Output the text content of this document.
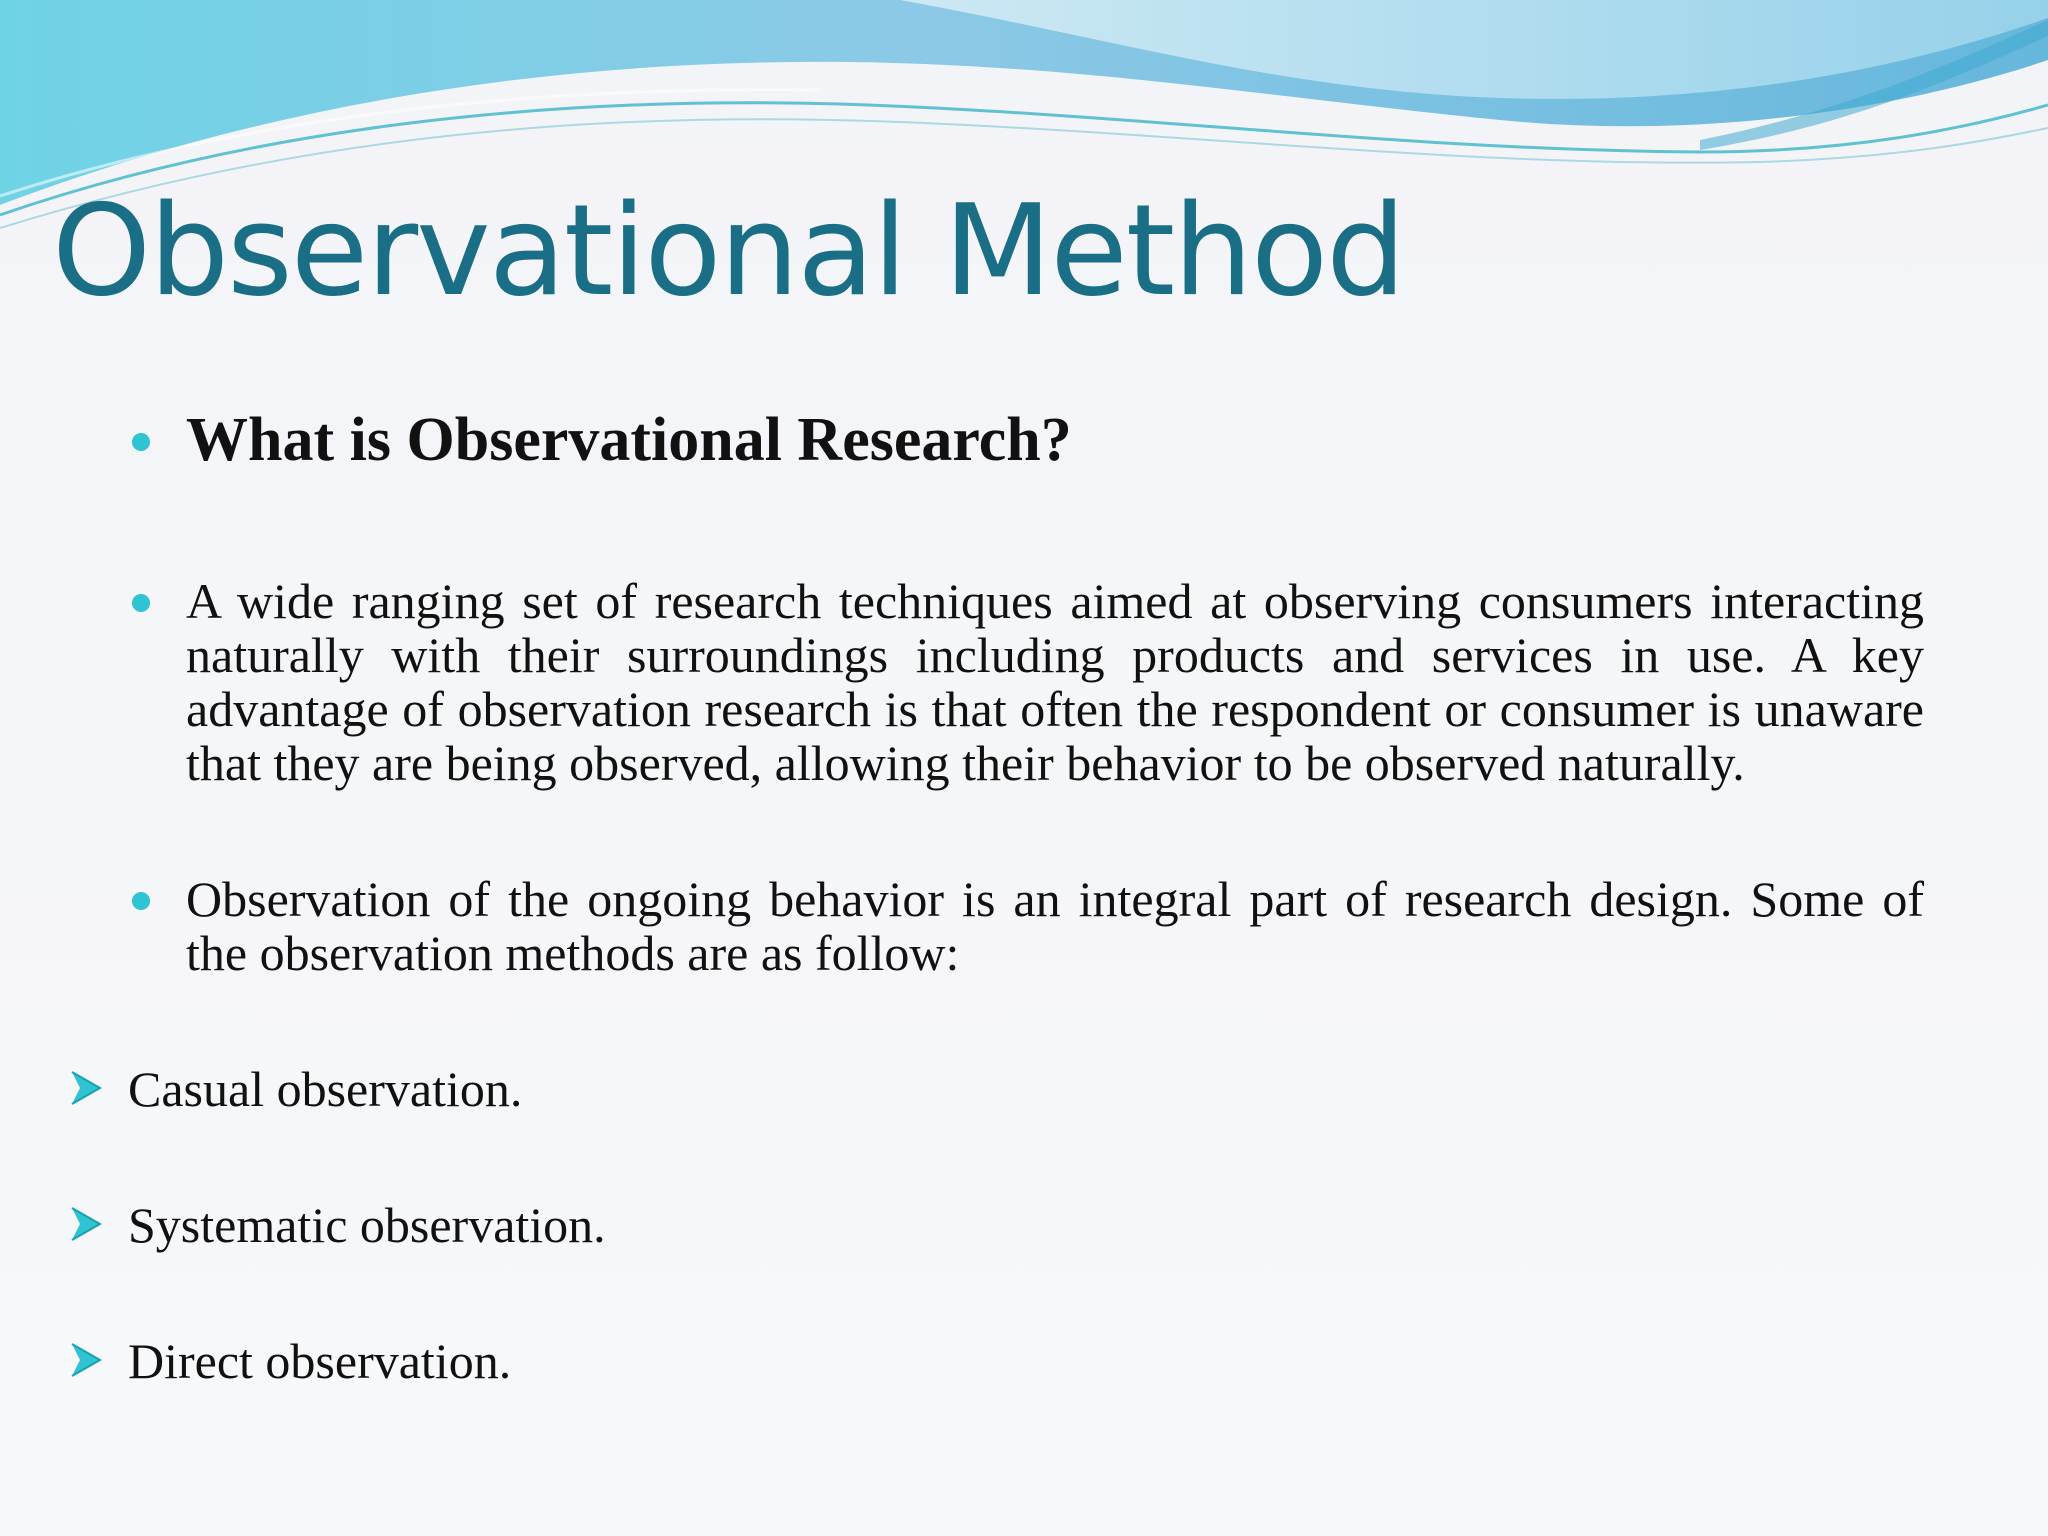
Observational Method
What is Observational Research?
A wide ranging set of research techniques aimed at observing consumers interacting naturally with their surroundings including products and services in use. A key advantage of observation research is that often the respondent or consumer is unaware that they are being observed, allowing their behavior to be observed naturally.
Observation of the ongoing behavior is an integral part of research design. Some of the observation methods are as follow:
Casual observation.
Systematic observation.
Direct observation.
